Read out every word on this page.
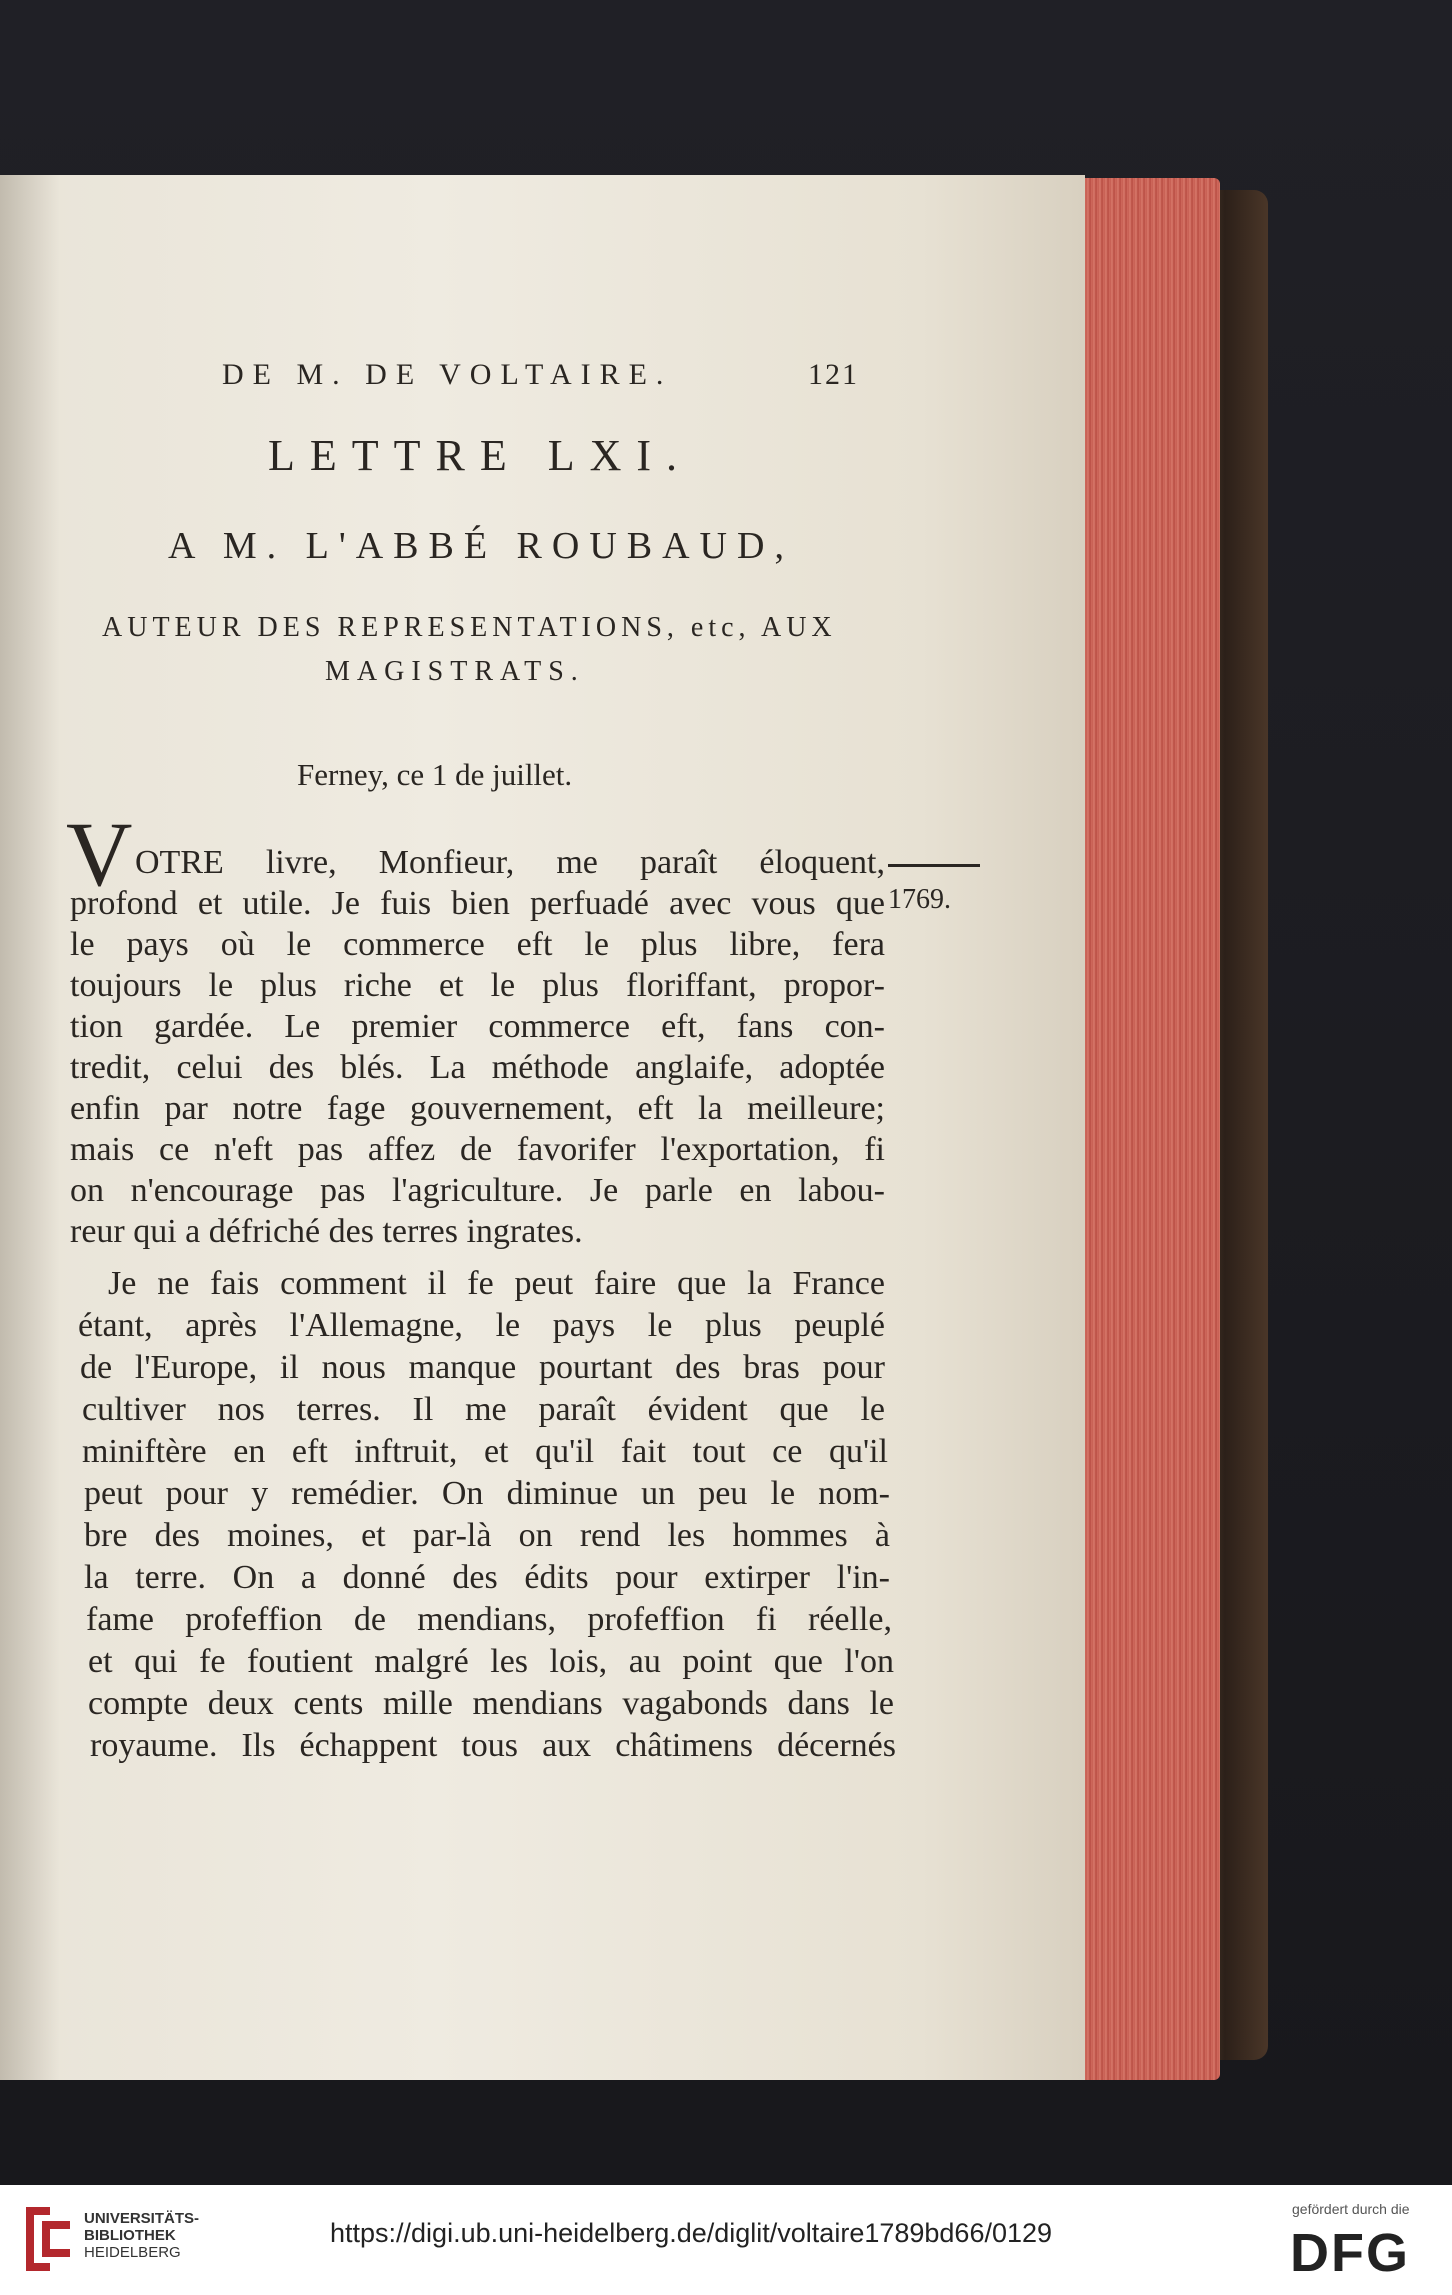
DE M. DE VOLTAIRE.	121
LETTRE LXI.
A M. L'ABBÉ ROUBAUD,
AUTEUR DES REPRESENTATIONS, etc, AUX
MAGISTRATS.
Ferney, ce 1 de juillet.
1769.
V OTRE livre, Monfieur, me paraît éloquent,
profond et utile. Je fuis bien perfuadé avec vous que
le pays où le commerce eft le plus libre, fera
toujours le plus riche et le plus floriffant, propor-
tion gardée. Le premier commerce eft, fans con-
tredit, celui des blés. La méthode anglaife, adoptée
enfin par notre fage gouvernement, eft la meilleure;
mais ce n'eft pas affez de favorifer l'exportation, fi
on n'encourage pas l'agriculture. Je parle en labou-
reur qui a défriché des terres ingrates.
Je ne fais comment il fe peut faire que la France
étant, après l'Allemagne, le pays le plus peuplé
de l'Europe, il nous manque pourtant des bras pour
cultiver nos terres. Il me paraît évident que le
miniftère en eft inftruit, et qu'il fait tout ce qu'il
peut pour y remédier. On diminue un peu le nom-
bre des moines, et par-là on rend les hommes à
la terre. On a donné des édits pour extirper l'in-
fame profeffion de mendians, profeffion fi réelle,
et qui fe foutient malgré les lois, au point que l'on
compte deux cents mille mendians vagabonds dans le
royaume. Ils échappent tous aux châtimens décernés
UNIVERSITÄTS-
BIBLIOTHEK
HEIDELBERG
https://digi.ub.uni-heidelberg.de/diglit/voltaire1789bd66/0129
gefördert durch die
DFG
